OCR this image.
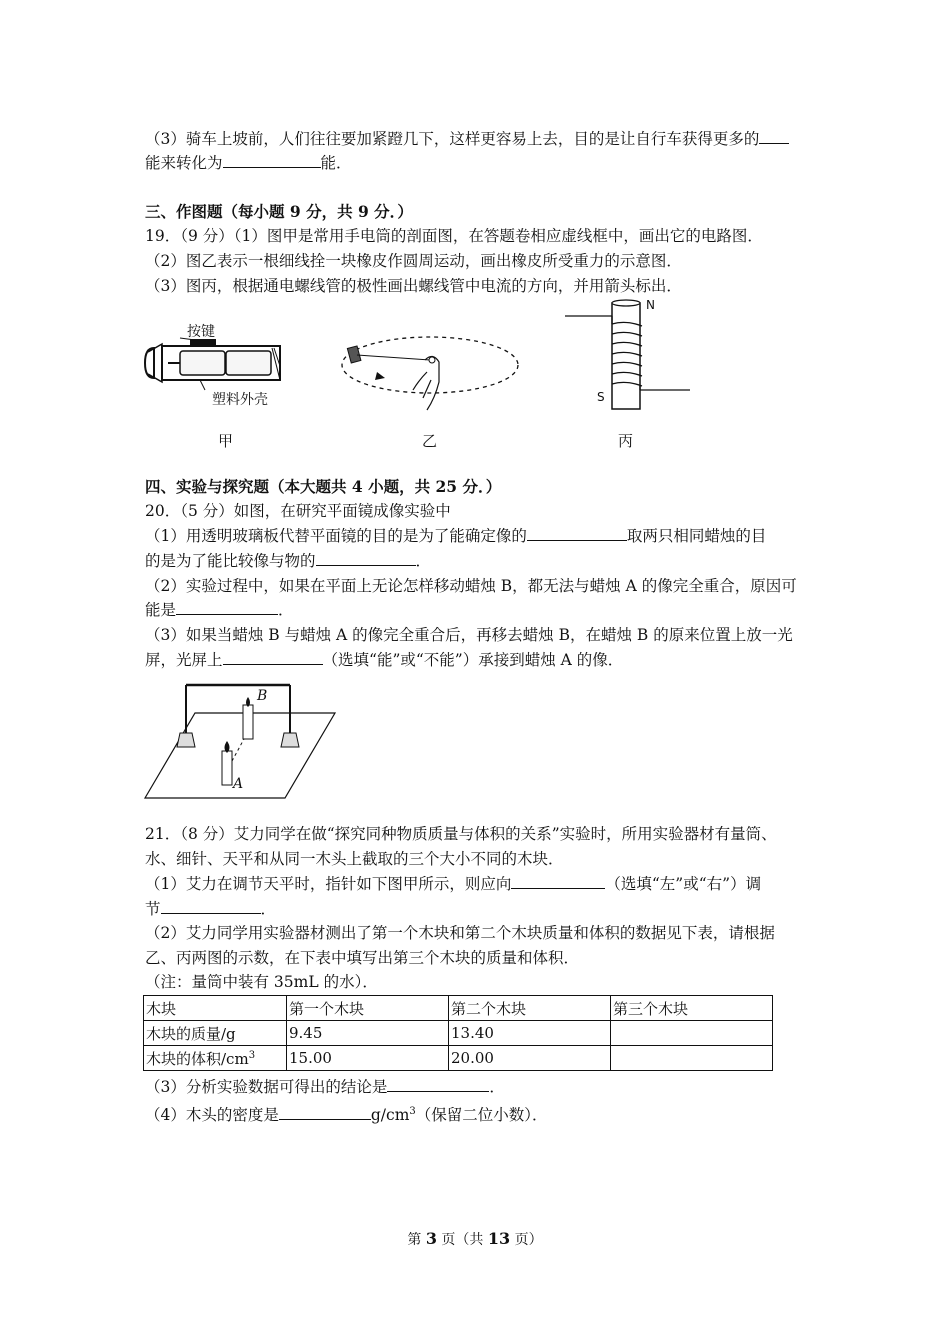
（3）骑车上坡前，人们往往要加紧蹬几下，这样更容易上去，目的是让自行车获得更多的
能来转化为	能．
三、作图题（每小题 9 分，共 9 分．）
19．（9 分）（1）图甲是常用手电筒的剖面图，在答题卷相应虚线框中，画出它的电路图．
（2）图乙表示一根细线拴一块橡皮作圆周运动，画出橡皮所受重力的示意图．
（3）图丙，根据通电螺线管的极性画出螺线管中电流的方向，并用箭头标出．
按键
塑料外壳
甲	乙
N
S
丙
四、实验与探究题（本大题共 4 小题，共 25 分．）
20．（5 分）如图，在研究平面镜成像实验中
（1）用透明玻璃板代替平面镜的目的是为了能确定像的	取两只相同蜡烛的目
的是为了能比较像与物的	．
（2）实验过程中，如果在平面上无论怎样移动蜡烛 B，都无法与蜡烛 A 的像完全重合，原因可
能是	．
（3）如果当蜡烛 B 与蜡烛 A 的像完全重合后，再移去蜡烛 B，在蜡烛 B 的原来位置上放一光
屏，光屏上	（选填“能”或“不能”）承接到蜡烛 A 的像．
B
A
21．（8 分）艾力同学在做“探究同种物质质量与体积的关系”实验时，所用实验器材有量筒、
水、细针、天平和从同一木头上截取的三个大小不同的木块．
（1）艾力在调节天平时，指针如下图甲所示，则应向	（选填“左”或“右”）调
节	．
（2）艾力同学用实验器材测出了第一个木块和第二个木块质量和体积的数据见下表，请根据
乙、丙两图的示数，在下表中填写出第三个木块的质量和体积．
（注：量筒中装有 35mL 的水）．
木块	第一个木块	第二个木块	第三个木块
木块的质量/g	9.45	13.40	
木块的体积$/cm^3$	15.00	20.00	
（3）分析实验数据可得出的结论是	．
（4）木头的密度是	$g/cm^3$（保留二位小数）．
第 3 页（共 13 页）
